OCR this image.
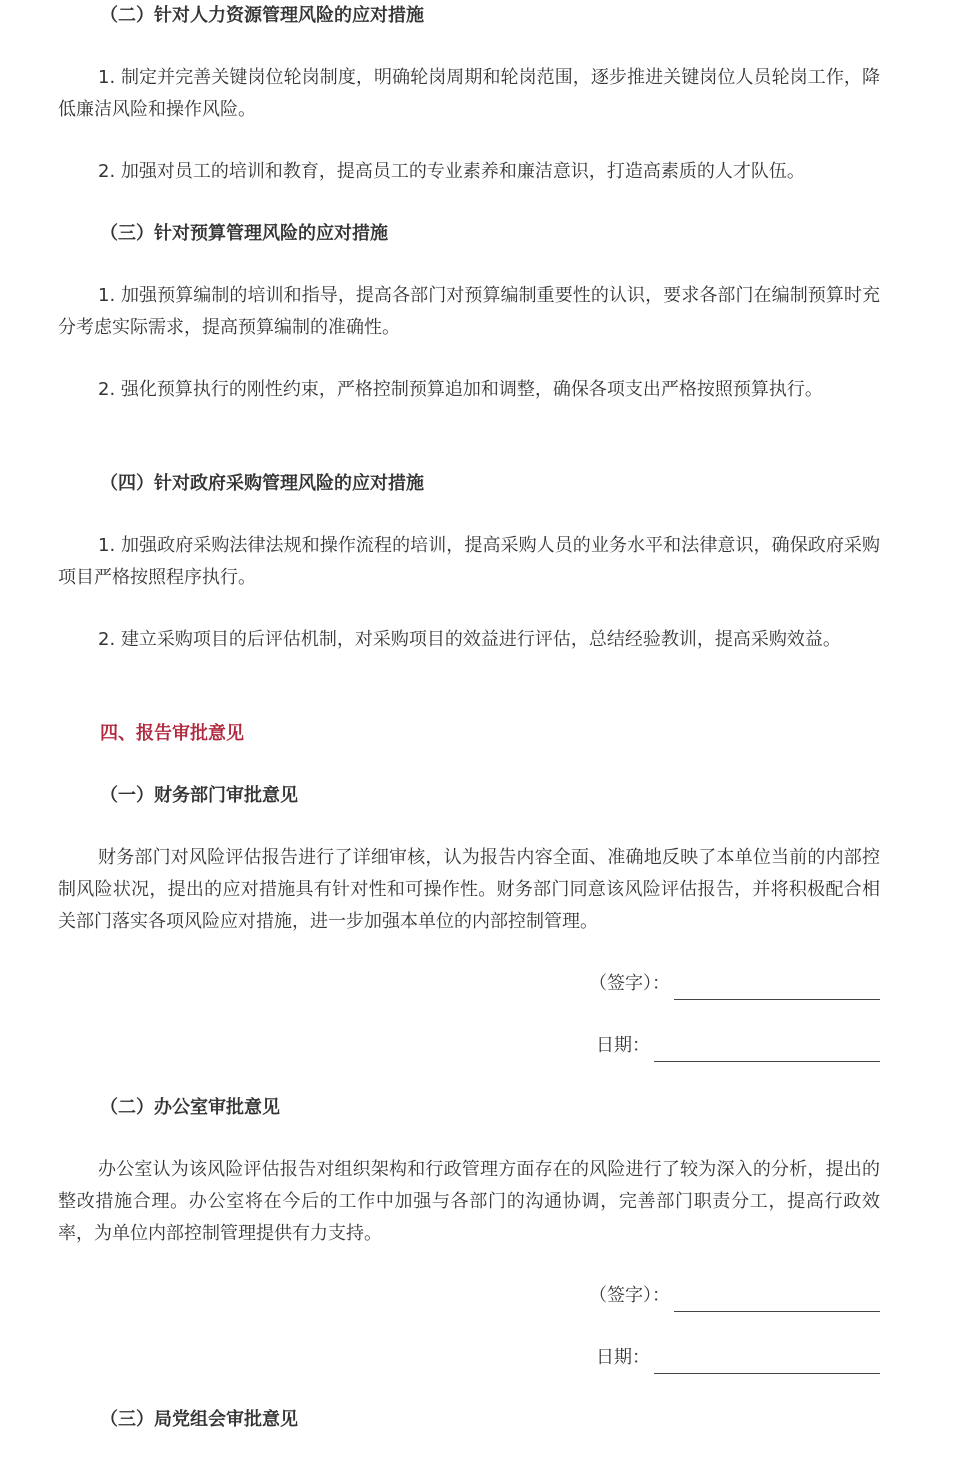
（二）针对人力资源管理风险的应对措施
1. 制定并完善关键岗位轮岗制度，明确轮岗周期和轮岗范围，逐步推进关键岗位人员轮岗工作，降低廉洁风险和操作风险。
2. 加强对员工的培训和教育，提高员工的专业素养和廉洁意识，打造高素质的人才队伍。
（三）针对预算管理风险的应对措施
1. 加强预算编制的培训和指导，提高各部门对预算编制重要性的认识，要求各部门在编制预算时充分考虑实际需求，提高预算编制的准确性。
2. 强化预算执行的刚性约束，严格控制预算追加和调整，确保各项支出严格按照预算执行。
（四）针对政府采购管理风险的应对措施
1. 加强政府采购法律法规和操作流程的培训，提高采购人员的业务水平和法律意识，确保政府采购项目严格按照程序执行。
2. 建立采购项目的后评估机制，对采购项目的效益进行评估，总结经验教训，提高采购效益。
四、报告审批意见
（一）财务部门审批意见
财务部门对风险评估报告进行了详细审核，认为报告内容全面、准确地反映了本单位当前的内部控制风险状况，提出的应对措施具有针对性和可操作性。财务部门同意该风险评估报告，并将积极配合相关部门落实各项风险应对措施，进一步加强本单位的内部控制管理。
（签字）：
日期：
（二）办公室审批意见
办公室认为该风险评估报告对组织架构和行政管理方面存在的风险进行了较为深入的分析，提出的整改措施合理。办公室将在今后的工作中加强与各部门的沟通协调，完善部门职责分工，提高行政效率，为单位内部控制管理提供有力支持。
（签字）：
日期：
（三）局党组会审批意见
